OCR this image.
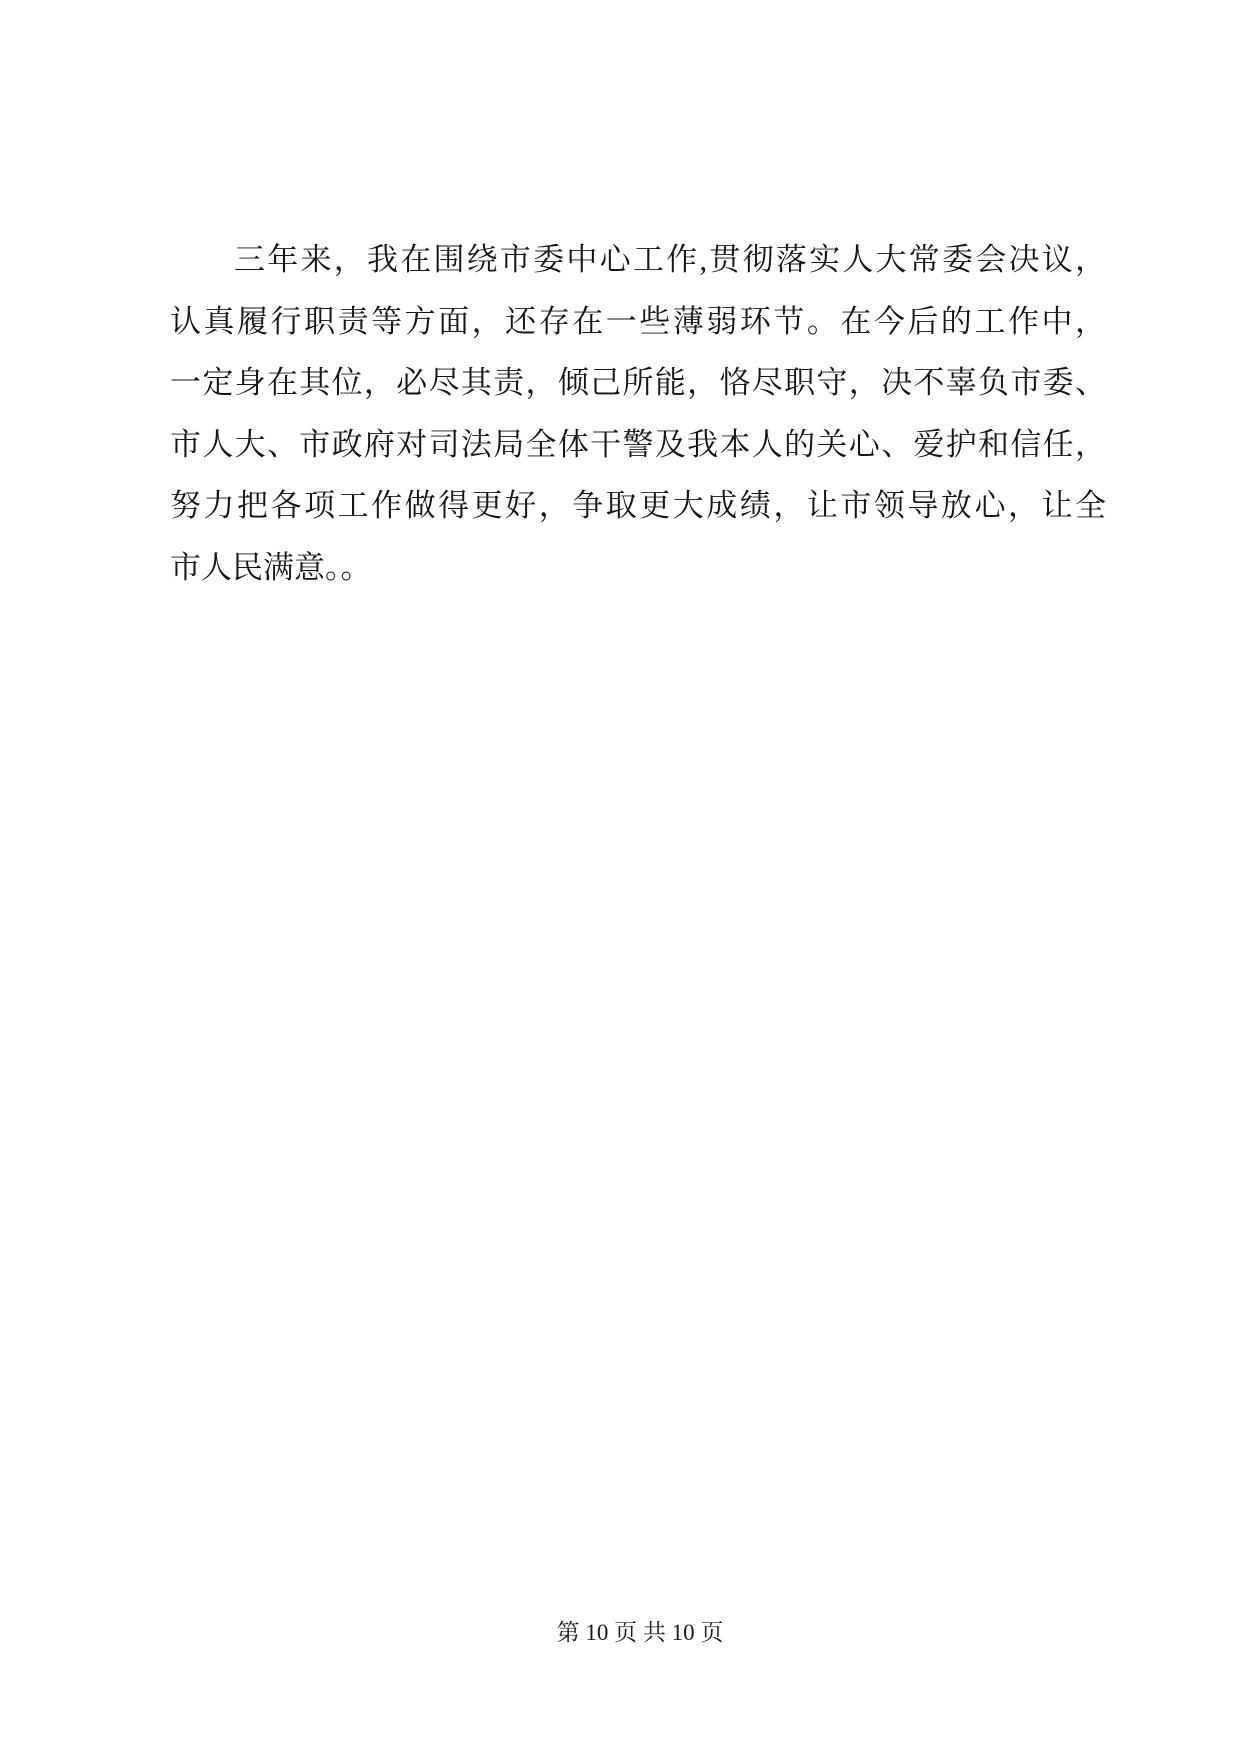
三年来，我在围绕市委中心工作,贯彻落实人大常委会决议，
认真履行职责等方面，还存在一些薄弱环节。在今后的工作中，
一定身在其位，必尽其责，倾己所能，恪尽职守，决不辜负市委、
市人大、市政府对司法局全体干警及我本人的关心、爱护和信任，
努力把各项工作做得更好，争取更大成绩，让市领导放心，让全
市人民满意。。
第 10 页 共 10 页
